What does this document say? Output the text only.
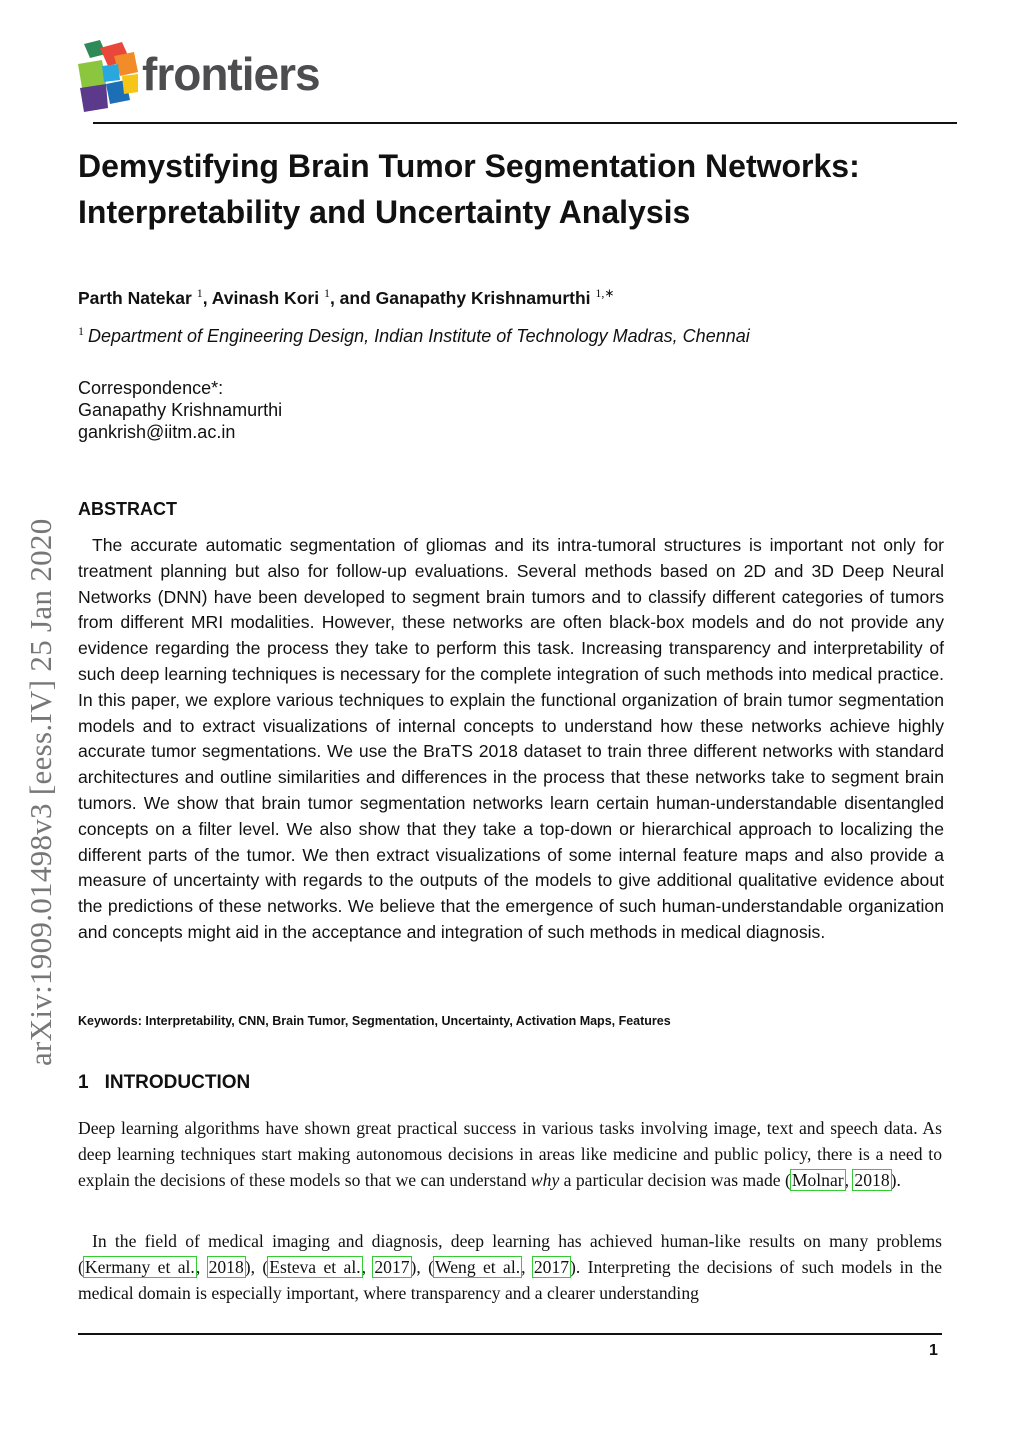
frontiers
arXiv:1909.01498v3 [eess.IV] 25 Jan 2020
Demystifying Brain Tumor Segmentation Networks: Interpretability and Uncertainty Analysis
Parth Natekar $^1$, Avinash Kori $^1$, and Ganapathy Krishnamurthi $^{1,∗}$
$^1$ Department of Engineering Design, Indian Institute of Technology Madras, Chennai
Correspondence*:
Ganapathy Krishnamurthi
gankrish@iitm.ac.in
ABSTRACT

The accurate automatic segmentation of gliomas and its intra-tumoral structures is important not only for treatment planning but also for follow-up evaluations. Several methods based on 2D and 3D Deep Neural Networks (DNN) have been developed to segment brain tumors and to classify different categories of tumors from different MRI modalities. However, these networks are often black-box models and do not provide any evidence regarding the process they take to perform this task. Increasing transparency and interpretability of such deep learning techniques is necessary for the complete integration of such methods into medical practice. In this paper, we explore various techniques to explain the functional organization of brain tumor segmentation models and to extract visualizations of internal concepts to understand how these networks achieve highly accurate tumor segmentations. We use the BraTS 2018 dataset to train three different networks with standard architectures and outline similarities and differences in the process that these networks take to segment brain tumors. We show that brain tumor segmentation networks learn certain human-understandable disentangled concepts on a filter level. We also show that they take a top-down or hierarchical approach to localizing the different parts of the tumor. We then extract visualizations of some internal feature maps and also provide a measure of uncertainty with regards to the outputs of the models to give additional qualitative evidence about the predictions of these networks. We believe that the emergence of such human-understandable organization and concepts might aid in the acceptance and integration of such methods in medical diagnosis.

Keywords: Interpretability, CNN, Brain Tumor, Segmentation, Uncertainty, Activation Maps, Features
1 INTRODUCTION

Deep learning algorithms have shown great practical success in various tasks involving image, text and speech data. As deep learning techniques start making autonomous decisions in areas like medicine and public policy, there is a need to explain the decisions of these models so that we can understand why a particular decision was made (Molnar, 2018).

In the field of medical imaging and diagnosis, deep learning has achieved human-like results on many problems (Kermany et al., 2018), (Esteva et al., 2017), (Weng et al., 2017). Interpreting the decisions of such models in the medical domain is especially important, where transparency and a clearer understanding

1
